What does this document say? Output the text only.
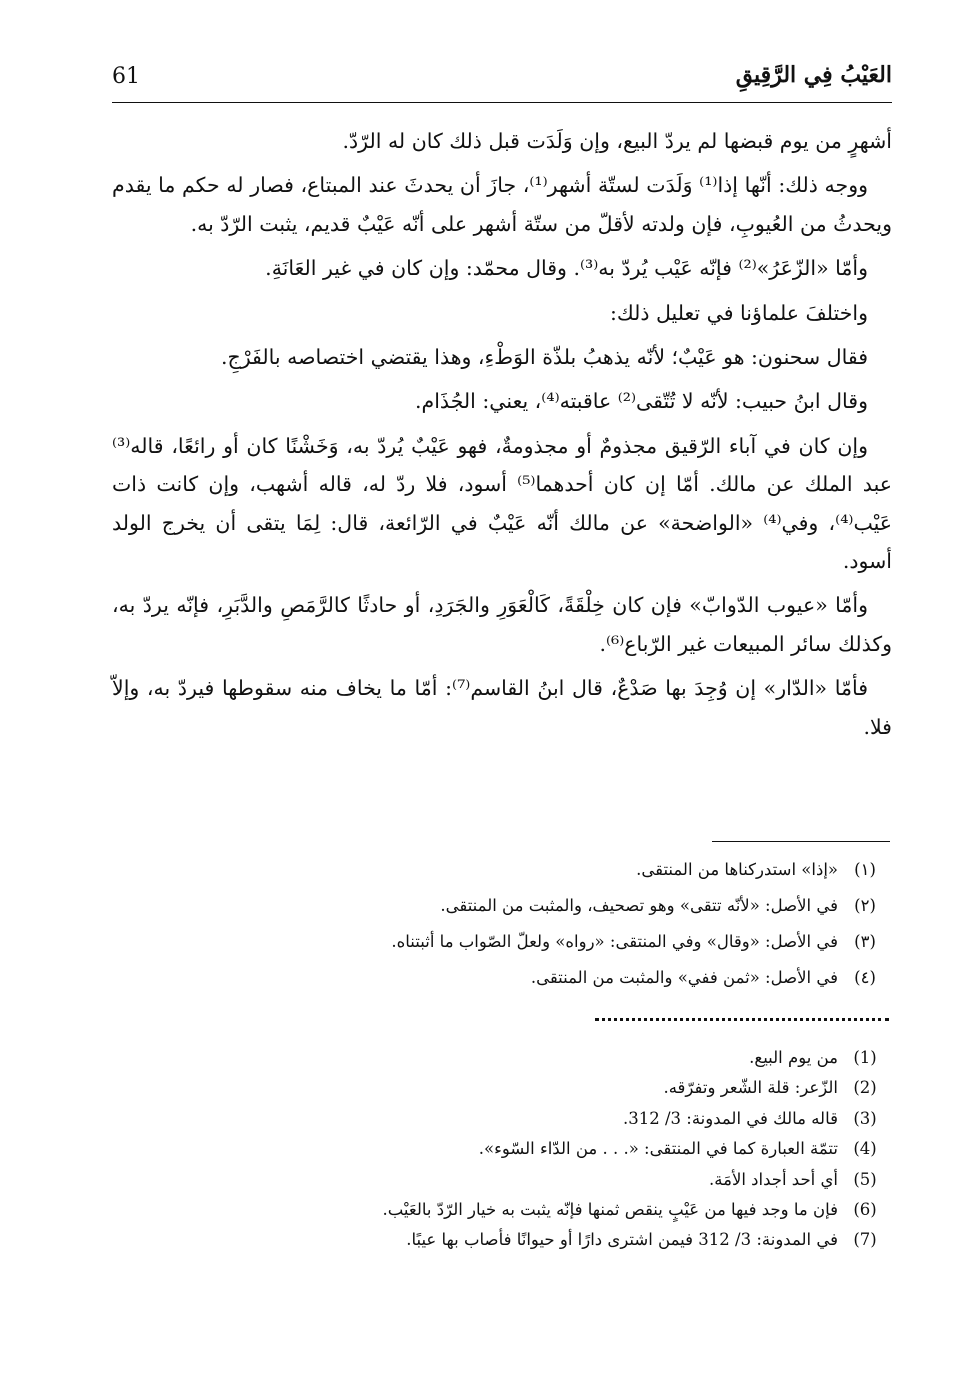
61	العَيْبُ فِي الرَّقِيقِ

أشهرٍ من يوم قبضها لم يردّ البيع، وإن وَلَدَت قبل ذلك كان له الرّدّ.

ووجه ذلك: أنّها إذا⁽¹⁾ وَلَدَت لستّة أشهر⁽¹⁾، جازَ أن يحدثَ عند المبتاع، فصار له حكم ما يقدم ويحدثُ من العُيوبِ، فإن ولدته لأقلّ من ستّة أشهر على أنّه عَيْبٌ قديم، يثبت الرّدّ به.

وأمّا «الزّعَرُ»⁽²⁾ فإنّه عَيْب يُردّ به⁽³⁾. وقال محمّد: وإن كان في غير العَانَةِ.

واختلفَ علماؤنا في تعليل ذلك:

فقال سحنون: هو عَيْبٌ؛ لأنّه يذهبُ بلذّة الوَطْءِ، وهذا يقتضي اختصاصه بالفَرْجِ.

وقال ابنُ حبيب: لأنّه لا تُتّقى⁽²⁾ عاقبته⁽⁴⁾، يعني: الجُذَام.

وإن كان في آباء الرّقيق مجذومٌ أو مجذومةٌ، فهو عَيْبٌ يُردّ به، وَخَشْنًا كان أو رائعًا، قاله⁽³⁾ عبد الملك عن مالك. أمّا إن كان أحدهما⁽⁵⁾ أسود، فلا ردّ له، قاله أشهب، وإن كانت ذات عَيْب⁽⁴⁾، وفي⁽⁴⁾ «الواضحة» عن مالك أنّه عَيْبٌ في الرّائعة، قال: لِمَا يتقى أن يخرج الولد أسود.

وأمّا «عيوب الدّوابّ» فإن كان خِلْقَةً، كَالْعَوَرِ والجَرَدِ، أو حادثًا كالرَّمَصِ والدَّبَرِ، فإنّه يردّ به، وكذلك سائر المبيعات غير الرّباع⁽⁶⁾.

فأمّا «الدّار» إن وُجِدَ بها صَدْعٌ، قال ابنُ القاسم⁽⁷⁾: أمّا ما يخاف منه سقوطها فيردّ به، وإلاّ فلا.

(١)
«إذا» استدركناها من المنتقى.
(٢)
في الأصل: «لأنّه تتقى» وهو تصحيف، والمثبت من المنتقى.
(٣)
في الأصل: «وقال» وفي المنتقى: «رواه» ولعلّ الصّواب ما أثبتناه.
(٤)
في الأصل: «ثمن ففي» والمثبت من المنتقى.
(1)
من يوم البيع.
(2)
الزّعر: قلة الشّعر وتفرّقه.
(3)
قاله مالك في المدونة: 3/ 312.
(4)
تتمّة العبارة كما في المنتقى: «. . . من الدّاء السّوء».
(5)
أي أحد أجداد الأمَة.
(6)
فإن ما وجد فيها من عَيْبٍ ينقص ثمنها فإنّه يثبت به خيار الرّدّ بالعَيْب.
(7)
في المدونة: 3/ 312 فيمن اشترى دارًا أو حيوانًا فأصاب بها عيبًا.
